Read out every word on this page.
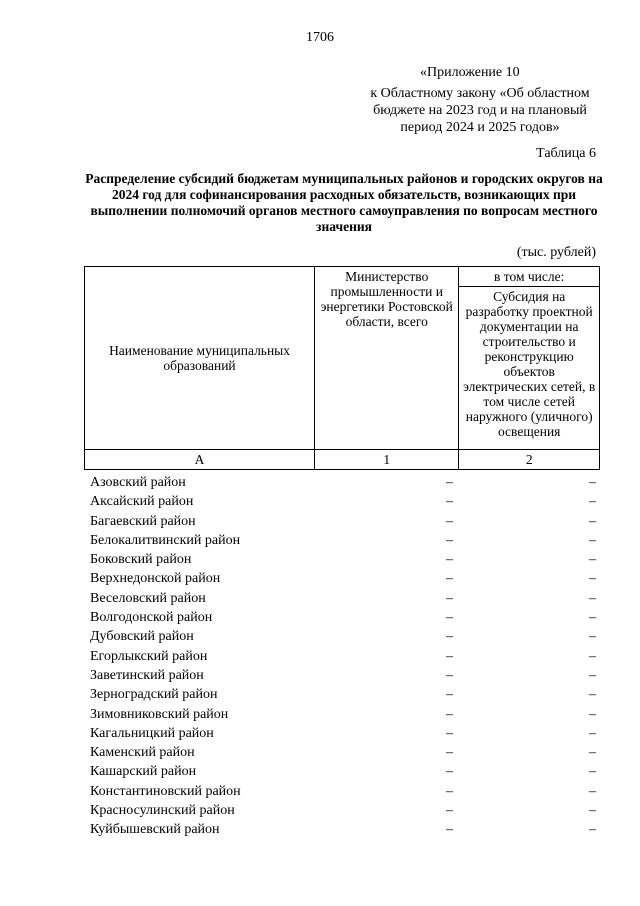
1706
«Приложение 10
к Областному закону «Об областном бюджете на 2023 год и на плановый период 2024 и 2025 годов»
Таблица 6
Распределение субсидий бюджетам муниципальных районов и городских округов на 2024 год для софинансирования расходных обязательств, возникающих при выполнении полномочий органов местного самоуправления по вопросам местного значения
(тыс. рублей)
Наименование муниципальных образований	Министерство промышленности и энергетики Ростовской области, всего	в том числе:
		Субсидия на разработку проектной документации на строительство и реконструкцию объектов электрических сетей, в том числе сетей наружного (уличного) освещения
А	1	2
Азовский район	–	–
Аксайский район	–	–
Багаевский район	–	–
Белокалитвинский район	–	–
Боковский район	–	–
Верхнедонской район	–	–
Веселовский район	–	–
Волгодонской район	–	–
Дубовский район	–	–
Егорлыкский район	–	–
Заветинский район	–	–
Зерноградский район	–	–
Зимовниковский район	–	–
Кагальницкий район	–	–
Каменский район	–	–
Кашарский район	–	–
Константиновский район	–	–
Красносулинский район	–	–
Куйбышевский район	–	–
